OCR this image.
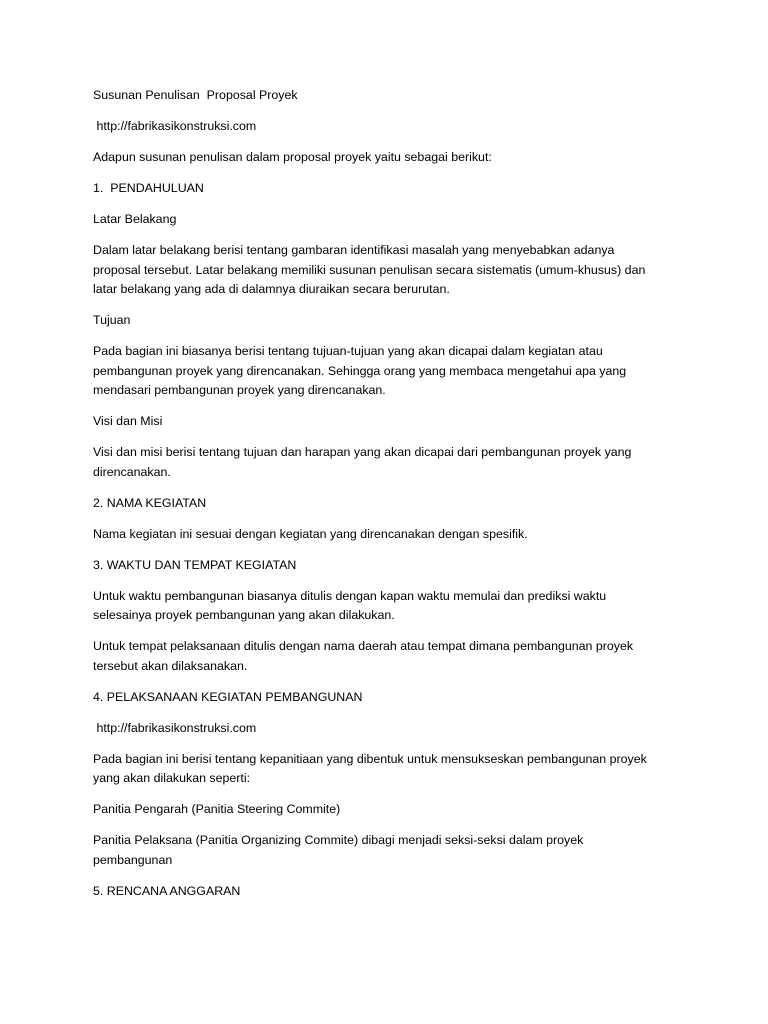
Susunan Penulisan  Proposal Proyek

http://fabrikasikonstruksi.com

Adapun susunan penulisan dalam proposal proyek yaitu sebagai berikut:

1.  PENDAHULUAN

Latar Belakang

Dalam latar belakang berisi tentang gambaran identifikasi masalah yang menyebabkan adanya
proposal tersebut. Latar belakang memiliki susunan penulisan secara sistematis (umum-khusus) dan
latar belakang yang ada di dalamnya diuraikan secara berurutan.

Tujuan

Pada bagian ini biasanya berisi tentang tujuan-tujuan yang akan dicapai dalam kegiatan atau
pembangunan proyek yang direncanakan. Sehingga orang yang membaca mengetahui apa yang
mendasari pembangunan proyek yang direncanakan.

Visi dan Misi

Visi dan misi berisi tentang tujuan dan harapan yang akan dicapai dari pembangunan proyek yang
direncanakan.

2. NAMA KEGIATAN

Nama kegiatan ini sesuai dengan kegiatan yang direncanakan dengan spesifik.

3. WAKTU DAN TEMPAT KEGIATAN

Untuk waktu pembangunan biasanya ditulis dengan kapan waktu memulai dan prediksi waktu
selesainya proyek pembangunan yang akan dilakukan.

Untuk tempat pelaksanaan ditulis dengan nama daerah atau tempat dimana pembangunan proyek
tersebut akan dilaksanakan.

4. PELAKSANAAN KEGIATAN PEMBANGUNAN

http://fabrikasikonstruksi.com

Pada bagian ini berisi tentang kepanitiaan yang dibentuk untuk mensukseskan pembangunan proyek
yang akan dilakukan seperti:

Panitia Pengarah (Panitia Steering Commite)

Panitia Pelaksana (Panitia Organizing Commite) dibagi menjadi seksi-seksi dalam proyek
pembangunan

5. RENCANA ANGGARAN
